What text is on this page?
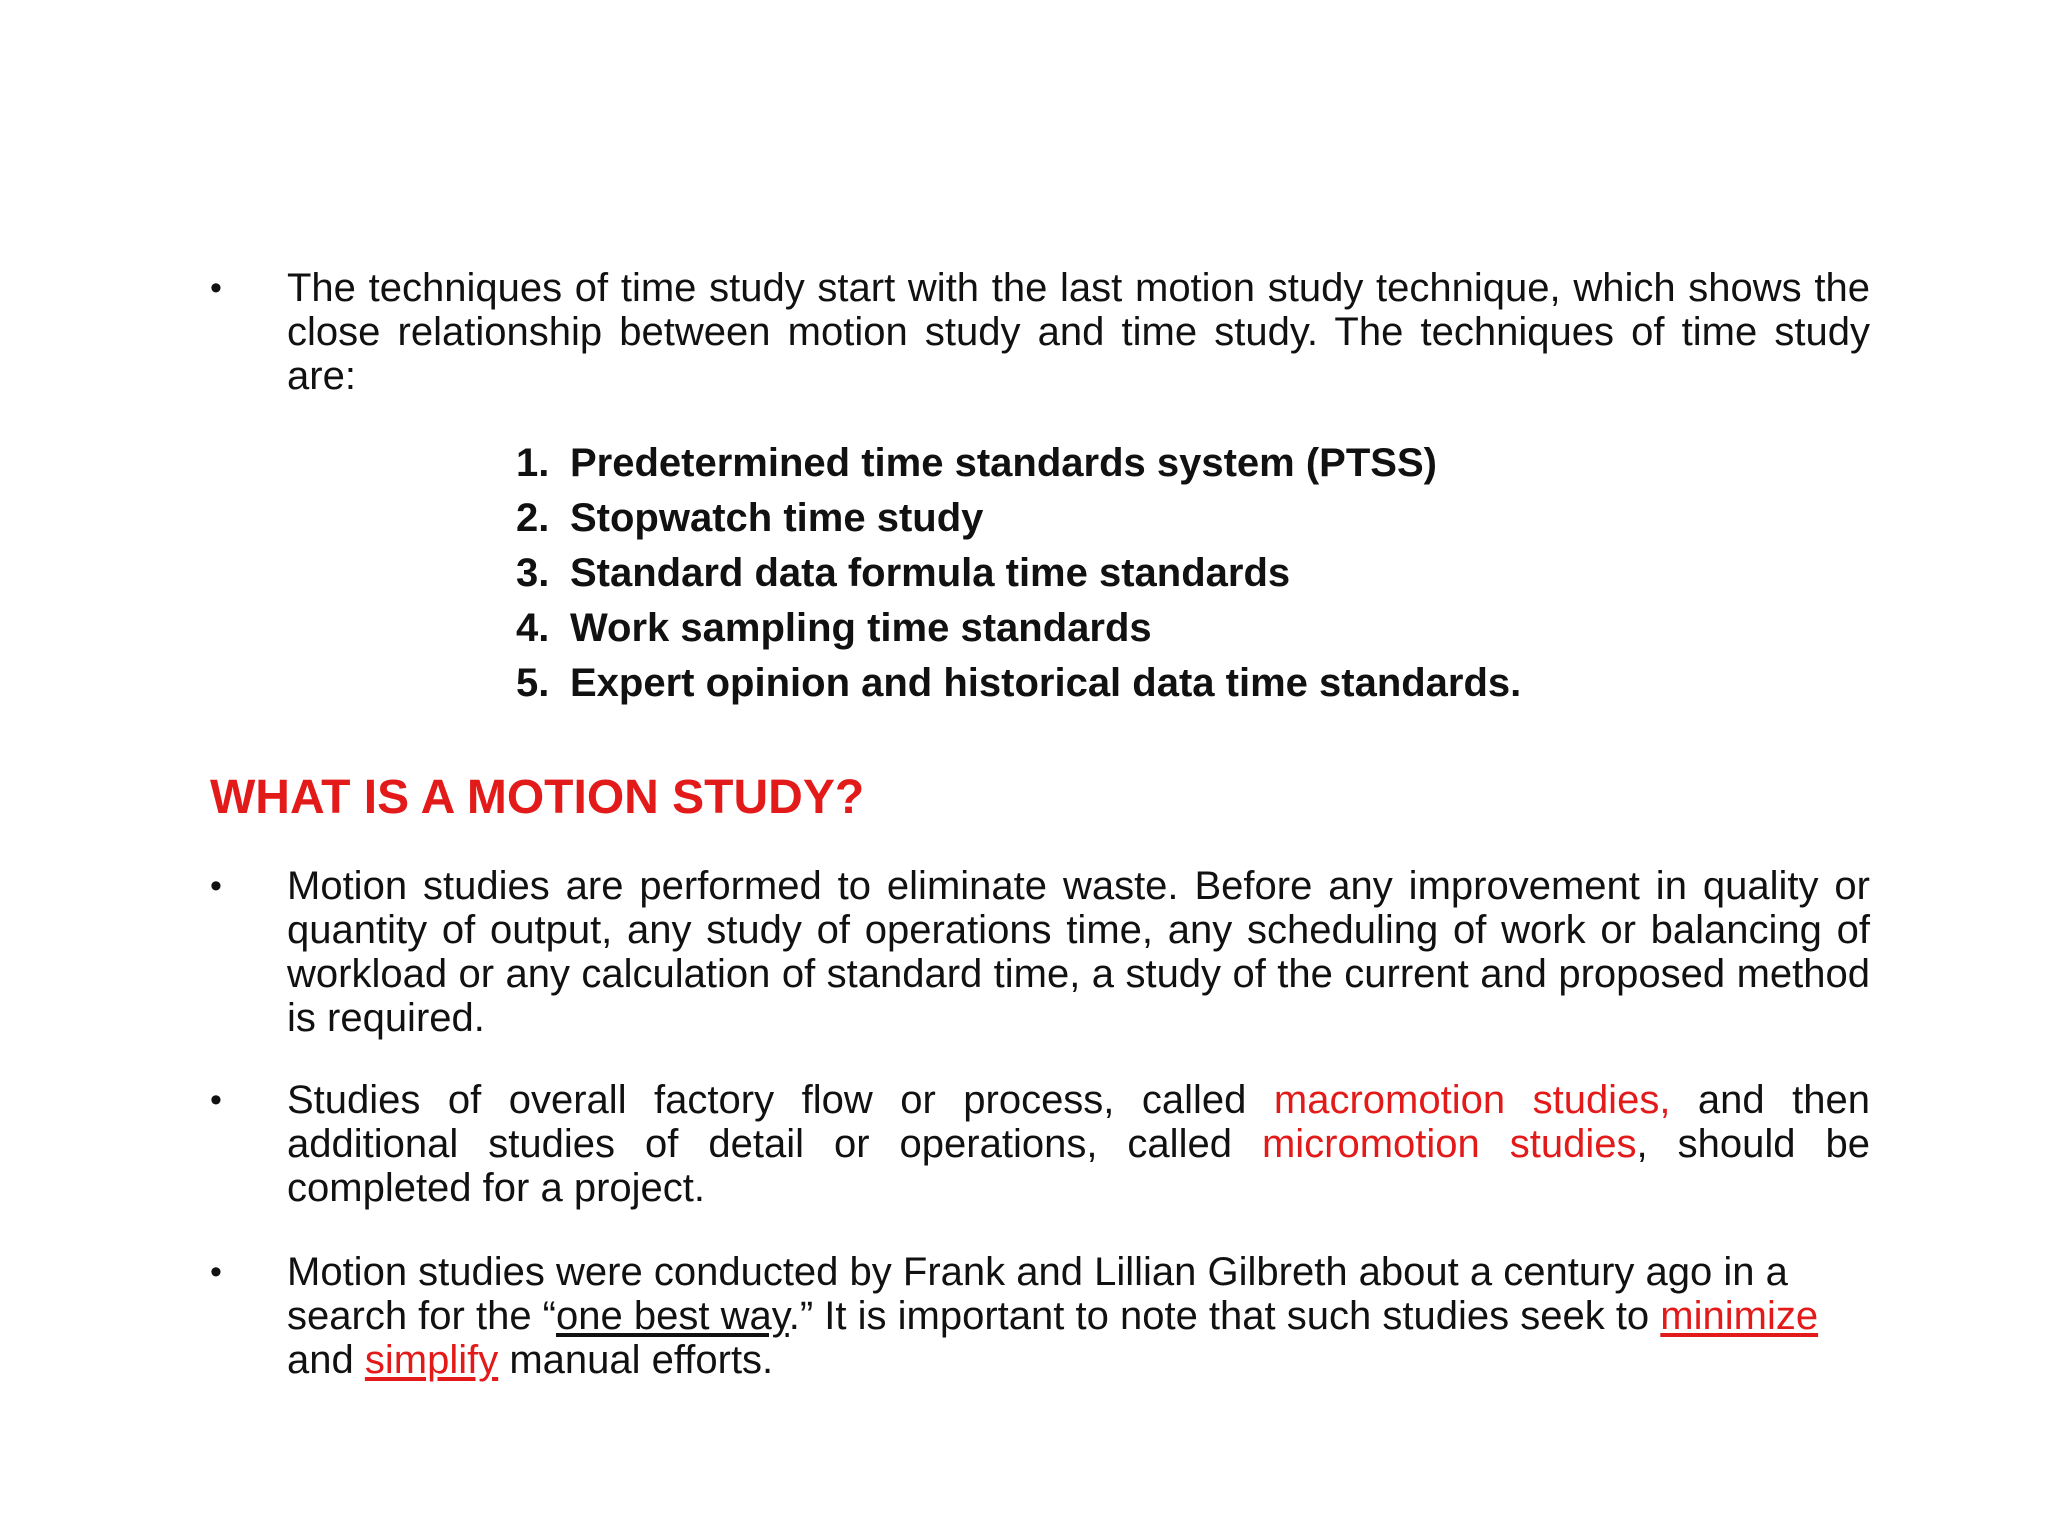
•	The techniques of time study start with the last motion study technique, which shows the close relationship between motion study and time study. The techniques of time study are:
1. Predetermined time standards system (PTSS)
2. Stopwatch time study
3. Standard data formula time standards
4. Work sampling time standards
5. Expert opinion and historical data time standards.
WHAT IS A MOTION STUDY?
•	Motion studies are performed to eliminate waste. Before any improvement in quality or quantity of output, any study of operations time, any scheduling of work or balancing of workload or any calculation of standard time, a study of the current and proposed method is required.
•	Studies of overall factory flow or process, called macromotion studies, and then additional studies of detail or operations, called micromotion studies, should be completed for a project.
•	Motion studies were conducted by Frank and Lillian Gilbreth about a century ago in a search for the “one best way.” It is important to note that such studies seek to minimize and simplify manual efforts.
